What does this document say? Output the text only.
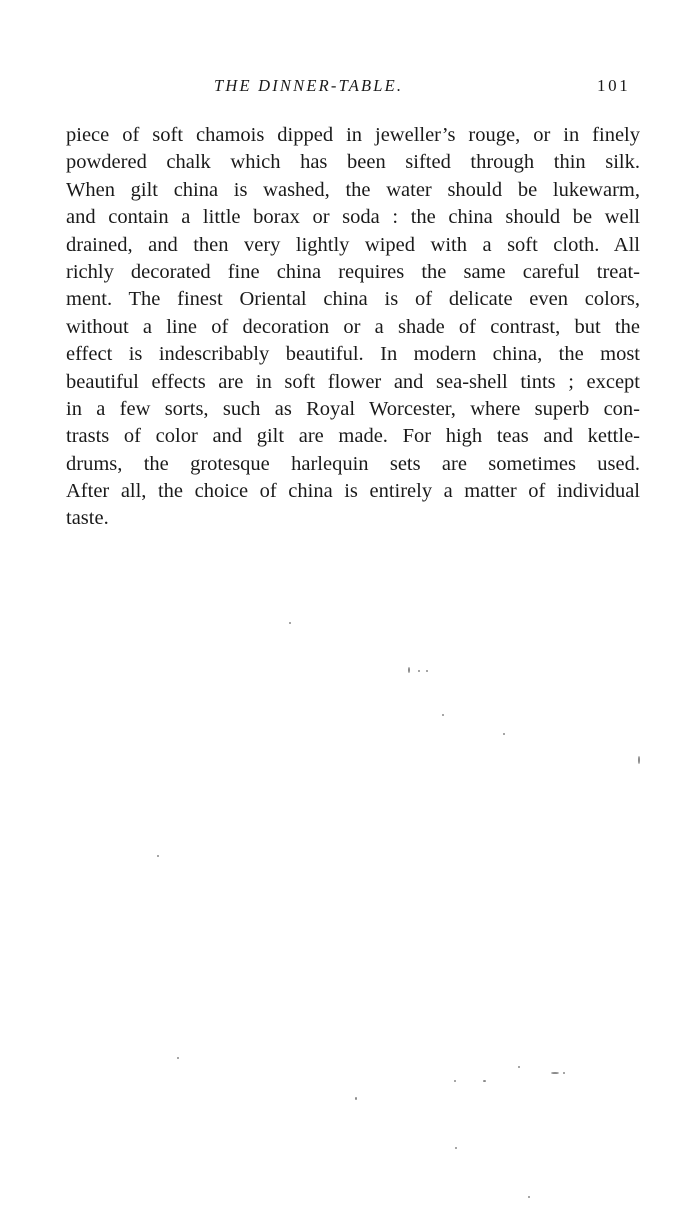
THE DINNER-TABLE.	101
piece of soft chamois dipped in jeweller’s rouge, or in finely
powdered chalk which has been sifted through thin silk.
When gilt china is washed, the water should be lukewarm,
and contain a little borax or soda : the china should be well
drained, and then very lightly wiped with a soft cloth. All
richly decorated fine china requires the same careful treat-
ment. The finest Oriental china is of delicate even colors,
without a line of decoration or a shade of contrast, but the
effect is indescribably beautiful. In modern china, the most
beautiful effects are in soft flower and sea-shell tints ; except
in a few sorts, such as Royal Worcester, where superb con-
trasts of color and gilt are made. For high teas and kettle-
drums, the grotesque harlequin sets are sometimes used.
After all, the choice of china is entirely a matter of individual
taste.
